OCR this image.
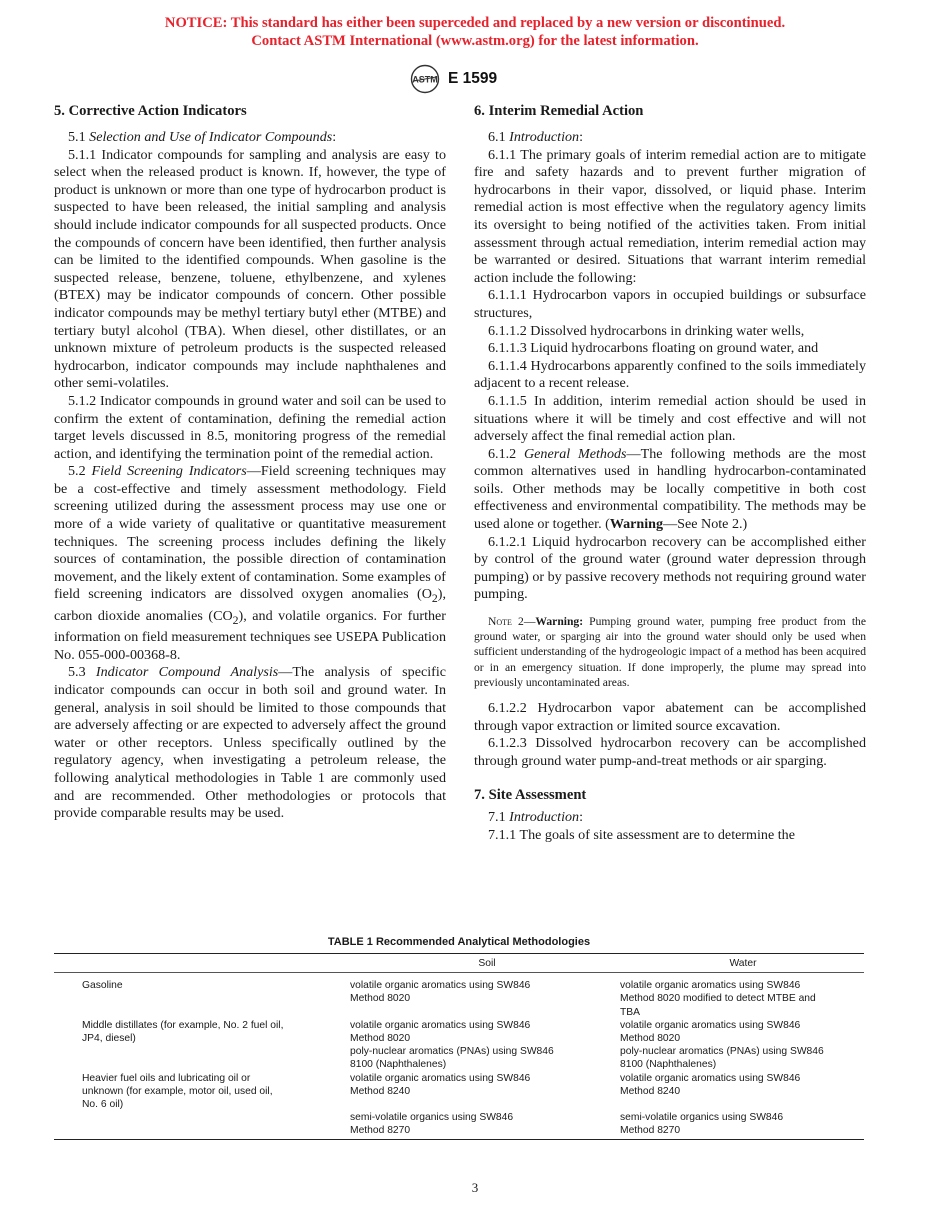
NOTICE: This standard has either been superceded and replaced by a new version or discontinued.
Contact ASTM International (www.astm.org) for the latest information.
ASTM E 1599
5. Corrective Action Indicators

5.1 Selection and Use of Indicator Compounds:

5.1.1 Indicator compounds for sampling and analysis are easy to select when the released product is known. If, however, the type of product is unknown or more than one type of hydrocarbon product is suspected to have been released, the initial sampling and analysis should include indicator compounds for all suspected products. Once the compounds of concern have been identified, then further analysis can be limited to the identified compounds. When gasoline is the suspected release, benzene, toluene, ethylbenzene, and xylenes (BTEX) may be indicator compounds of concern. Other possible indicator compounds may be methyl tertiary butyl ether (MTBE) and tertiary butyl alcohol (TBA). When diesel, other distillates, or an unknown mixture of petroleum products is the suspected released hydrocarbon, indicator compounds may include naphthalenes and other semi-volatiles.

5.1.2 Indicator compounds in ground water and soil can be used to confirm the extent of contamination, defining the remedial action target levels discussed in 8.5, monitoring progress of the remedial action, and identifying the termination point of the remedial action.

5.2 Field Screening Indicators—Field screening techniques may be a cost-effective and timely assessment methodology. Field screening utilized during the assessment process may use one or more of a wide variety of qualitative or quantitative measurement techniques. The screening process includes defining the likely sources of contamination, the possible direction of contamination movement, and the likely extent of contamination. Some examples of field screening indicators are dissolved oxygen anomalies $(O_2)$, carbon dioxide anomalies $(CO_2)$, and volatile organics. For further information on field measurement techniques see USEPA Publication No. 055-000-00368-8.

5.3 Indicator Compound Analysis—The analysis of specific indicator compounds can occur in both soil and ground water. In general, analysis in soil should be limited to those compounds that are adversely affecting or are expected to adversely affect the ground water or other receptors. Unless specifically outlined by the regulatory agency, when investigating a petroleum release, the following analytical methodologies in Table 1 are commonly used and are recommended. Other methodologies or protocols that provide comparable results may be used.

6. Interim Remedial Action

6.1 Introduction:

6.1.1 The primary goals of interim remedial action are to mitigate fire and safety hazards and to prevent further migration of hydrocarbons in their vapor, dissolved, or liquid phase. Interim remedial action is most effective when the regulatory agency limits its oversight to being notified of the activities taken. From initial assessment through actual remediation, interim remedial action may be warranted or desired. Situations that warrant interim remedial action include the following:

6.1.1.1 Hydrocarbon vapors in occupied buildings or subsurface structures,

6.1.1.2 Dissolved hydrocarbons in drinking water wells,

6.1.1.3 Liquid hydrocarbons floating on ground water, and

6.1.1.4 Hydrocarbons apparently confined to the soils immediately adjacent to a recent release.

6.1.1.5 In addition, interim remedial action should be used in situations where it will be timely and cost effective and will not adversely affect the final remedial action plan.

6.1.2 General Methods—The following methods are the most common alternatives used in handling hydrocarbon-contaminated soils. Other methods may be locally competitive in both cost effectiveness and environmental compatibility. The methods may be used alone or together. (Warning—See Note 2.)

6.1.2.1 Liquid hydrocarbon recovery can be accomplished either by control of the ground water (ground water depression through pumping) or by passive recovery methods not requiring ground water pumping.

Note 2—Warning: Pumping ground water, pumping free product from the ground water, or sparging air into the ground water should only be used when sufficient understanding of the hydrogeologic impact of a method has been acquired or in an emergency situation. If done improperly, the plume may spread into previously uncontaminated areas.

6.1.2.2 Hydrocarbon vapor abatement can be accomplished through vapor extraction or limited source excavation.

6.1.2.3 Dissolved hydrocarbon recovery can be accomplished through ground water pump-and-treat methods or air sparging.

7. Site Assessment

7.1 Introduction:

7.1.1 The goals of site assessment are to determine the

TABLE 1 Recommended Analytical Methodologies
Soil	Water
Gasoline	volatile organic aromatics using SW846
Method 8020
volatile organic aromatics using SW846
Method 8020 modified to detect MTBE and
TBA
Middle distillates (for example, No. 2 fuel oil,
JP4, diesel)
volatile organic aromatics using SW846
Method 8020
volatile organic aromatics using SW846
Method 8020
poly-nuclear aromatics (PNAs) using SW846
8100 (Naphthalenes)
poly-nuclear aromatics (PNAs) using SW846
8100 (Naphthalenes)
Heavier fuel oils and lubricating oil or
unknown (for example, motor oil, used oil,
No. 6 oil)
volatile organic aromatics using SW846
Method 8240
volatile organic aromatics using SW846
Method 8240
semi-volatile organics using SW846
Method 8270
semi-volatile organics using SW846
Method 8270
3
